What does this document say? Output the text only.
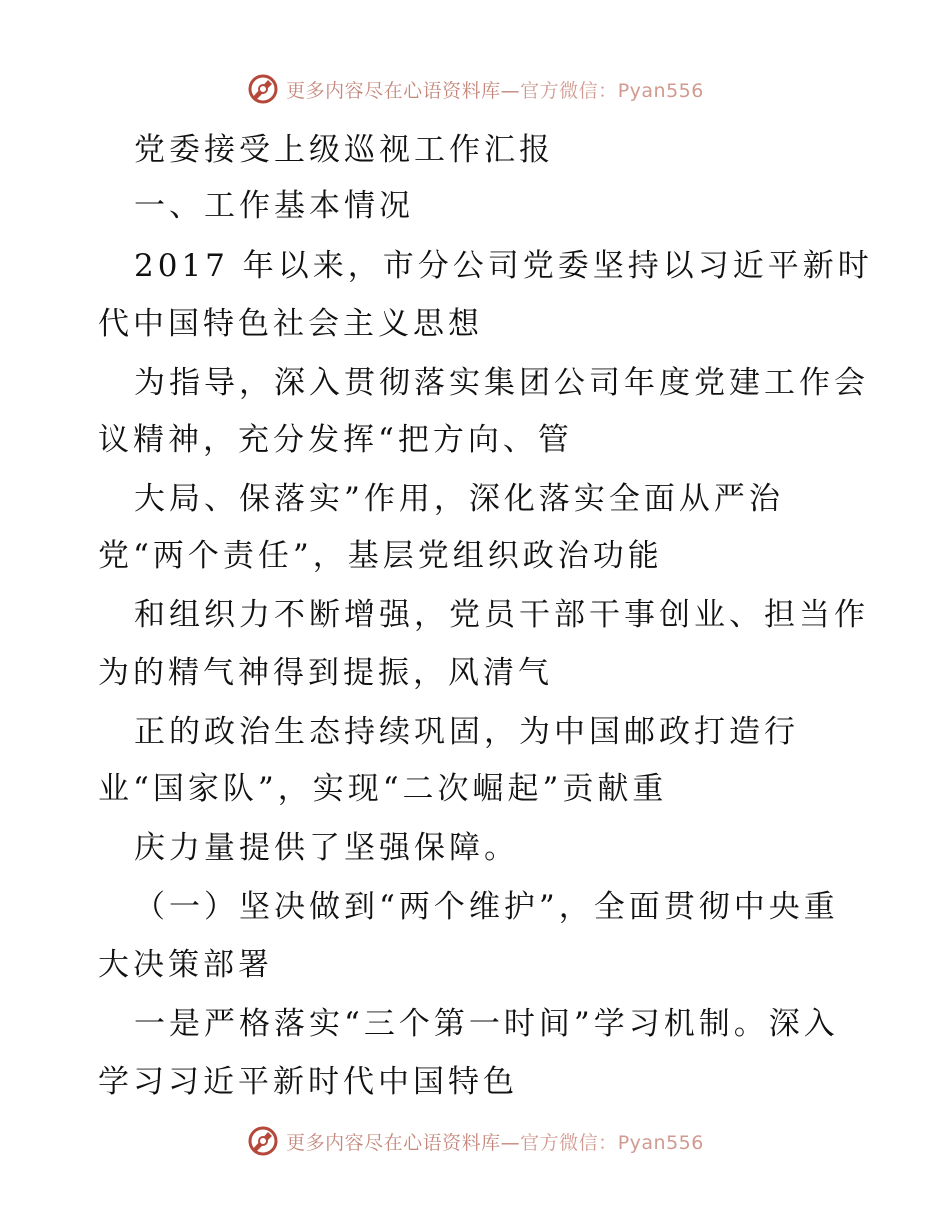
更多内容尽在心语资料库—官方微信：Pyan556
党委接受上级巡视工作汇报
一、工作基本情况
2017 年以来，市分公司党委坚持以习近平新时
代中国特色社会主义思想
为指导，深入贯彻落实集团公司年度党建工作会
议精神，充分发挥“把方向、管
大局、保落实”作用，深化落实全面从严治
党“两个责任”，基层党组织政治功能
和组织力不断增强，党员干部干事创业、担当作
为的精气神得到提振，风清气
正的政治生态持续巩固，为中国邮政打造行
业“国家队”，实现“二次崛起”贡献重
庆力量提供了坚强保障。
（一）坚决做到“两个维护”，全面贯彻中央重
大决策部署
一是严格落实“三个第一时间”学习机制。深入
学习习近平新时代中国特色
更多内容尽在心语资料库—官方微信：Pyan556
